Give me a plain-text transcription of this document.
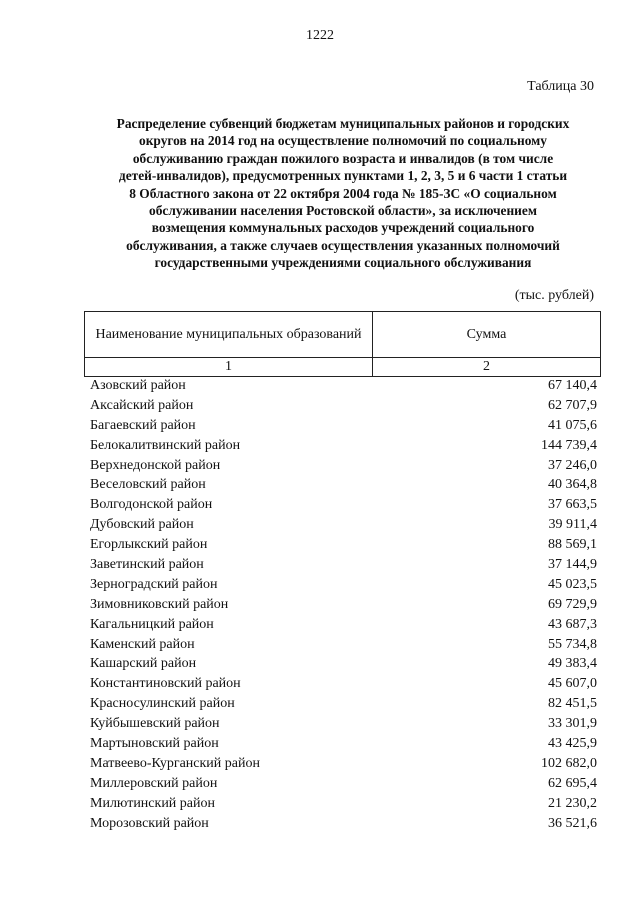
1222
Таблица 30
Распределение субвенций бюджетам муниципальных районов и городских
округов на 2014 год на осуществление полномочий по социальному
обслуживанию граждан пожилого возраста и инвалидов (в том числе
детей-инвалидов), предусмотренных пунктами 1, 2, 3, 5 и 6 части 1 статьи
8 Областного закона от 22 октября 2004 года № 185-ЗС «О социальном
обслуживании населения Ростовской области», за исключением
возмещения коммунальных расходов учреждений социального
обслуживания, а также случаев осуществления указанных полномочий
государственными учреждениями социального обслуживания
(тыс. рублей)
Наименование муниципальных образований	Сумма
1	2
Азовский район	67 140,4
Аксайский район	62 707,9
Багаевский район	41 075,6
Белокалитвинский район	144 739,4
Верхнедонской район	37 246,0
Веселовский район	40 364,8
Волгодонской район	37 663,5
Дубовский район	39 911,4
Егорлыкский район	88 569,1
Заветинский район	37 144,9
Зерноградский район	45 023,5
Зимовниковский район	69 729,9
Кагальницкий район	43 687,3
Каменский район	55 734,8
Кашарский район	49 383,4
Константиновский район	45 607,0
Красносулинский район	82 451,5
Куйбышевский район	33 301,9
Мартыновский район	43 425,9
Матвеево-Курганский район	102 682,0
Миллеровский район	62 695,4
Милютинский район	21 230,2
Морозовский район	36 521,6
